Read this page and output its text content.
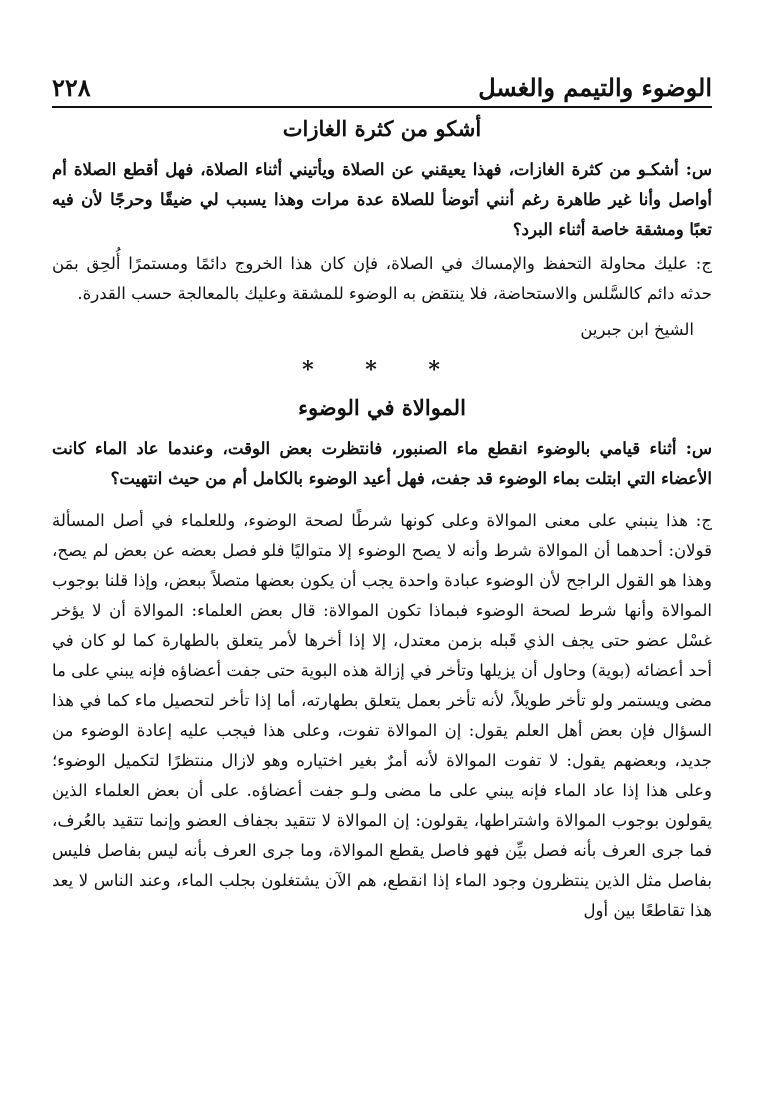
الوضوء والتيمم والغسل
٢٢٨
أشكو من كثرة الغازات

س: أشكـو من كثرة الغازات، فهذا يعيقني عن الصلاة ويأتيني أثناء الصلاة، فهل أقطع الصلاة أم أواصل وأنا غير طاهرة رغم أنني أتوضأ للصلاة عدة مرات وهذا يسبب لي ضيقًا وحرجًا لأن فيه تعبًا ومشقة خاصة أثناء البرد؟

ج: عليك محاولة التحفظ والإمساك في الصلاة، فإن كان هذا الخروج دائمًا ومستمرًا أُلحِق بمَن حدثه دائم كالسَّلس والاستحاضة، فلا ينتقض به الوضوء للمشقة وعليك بالمعالجة حسب القدرة.

الشيخ ابن جبرين
* * *
الموالاة في الوضوء

س: أثناء قيامي بالوضوء انقطع ماء الصنبور، فانتظرت بعض الوقت، وعندما عاد الماء كانت الأعضاء التي ابتلت بماء الوضوء قد جفت، فهل أعيد الوضوء بالكامل أم من حيث انتهيت؟

ج: هذا ينبني على معنى الموالاة وعلى كونها شرطًا لصحة الوضوء، وللعلماء في أصل المسألة قولان: أحدهما أن الموالاة شرط وأنه لا يصح الوضوء إلا متواليًا فلو فصل بعضه عن بعض لم يصح، وهذا هو القول الراجح لأن الوضوء عبادة واحدة يجب أن يكون بعضها متصلاً ببعض، وإذا قلنا بوجوب الموالاة وأنها شرط لصحة الوضوء فبماذا تكون الموالاة: قال بعض العلماء: الموالاة أن لا يؤخر غسْل عضو حتى يجف الذي قَبله بزمن معتدل، إلا إذا أخرها لأمر يتعلق بالطهارة كما لو كان في أحد أعضائه (بوية) وحاول أن يزيلها وتأخر في إزالة هذه البوية حتى جفت أعضاؤه فإنه يبني على ما مضى ويستمر ولو تأخر طويلاً، لأنه تأخر بعمل يتعلق بطهارته، أما إذا تأخر لتحصيل ماء كما في هذا السؤال فإن بعض أهل العلم يقول: إن الموالاة تفوت، وعلى هذا فيجب عليه إعادة الوضوء من جديد، وبعضهم يقول: لا تفوت الموالاة لأنه أمرٌ بغير اختياره وهو لازال منتظرًا لتكميل الوضوء؛ وعلى هذا إذا عاد الماء فإنه يبني على ما مضى ولـو جفت أعضاؤه. على أن بعض العلماء الذين يقولون بوجوب الموالاة واشتراطها، يقولون: إن الموالاة لا تتقيد بجفاف العضو وإنما تتقيد بالعُرف، فما جرى العرف بأنه فصل بيِّن فهو فاصل يقطع الموالاة، وما جرى العرف بأنه ليس بفاصل فليس بفاصل مثل الذين ينتظرون وجود الماء إذا انقطع، هم الآن يشتغلون بجلب الماء، وعند الناس لا يعد هذا تقاطعًا بين أول
